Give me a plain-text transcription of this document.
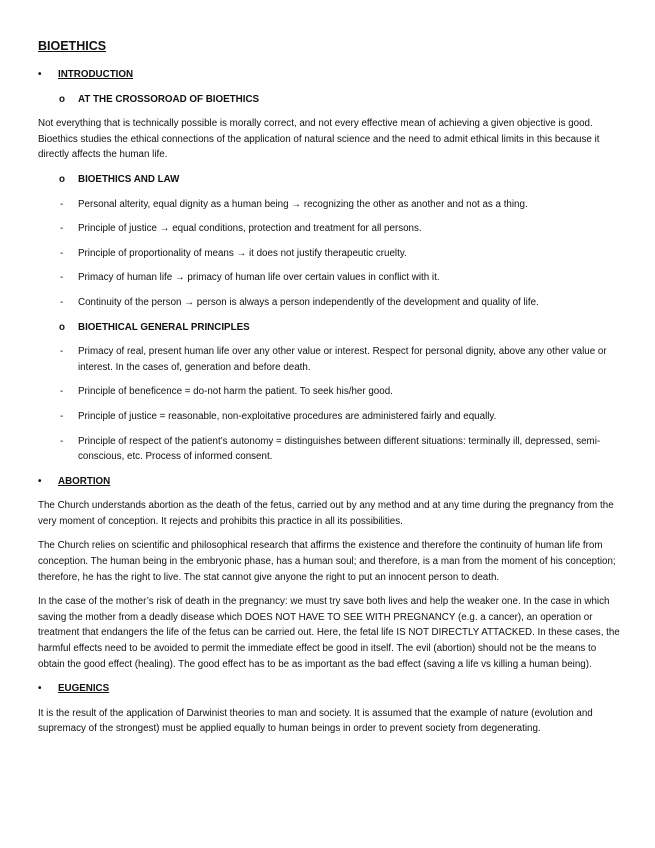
BIOETHICS
• INTRODUCTION
o AT THE CROSSOROAD OF BIOETHICS
Not everything that is technically possible is morally correct, and not every effective mean of achieving a given objective is good. Bioethics studies the ethical connections of the application of natural science and the need to admit ethical limits in this because it directly affects the human life.
o BIOETHICS AND LAW
- Personal alterity, equal dignity as a human being → recognizing the other as another and not as a thing.
- Principle of justice → equal conditions, protection and treatment for all persons.
- Principle of proportionality of means → it does not justify therapeutic cruelty.
- Primacy of human life → primacy of human life over certain values in conflict with it.
- Continuity of the person → person is always a person independently of the development and quality of life.
o BIOETHICAL GENERAL PRINCIPLES
- Primacy of real, present human life over any other value or interest. Respect for personal dignity, above any other value or interest. In the cases of, generation and before death.
- Principle of beneficence = do-not harm the patient. To seek his/her good.
- Principle of justice = reasonable, non-exploitative procedures are administered fairly and equally.
- Principle of respect of the patient’s autonomy = distinguishes between different situations: terminally ill, depressed, semi-conscious, etc. Process of informed consent.
• ABORTION
The Church understands abortion as the death of the fetus, carried out by any method and at any time during the pregnancy from the very moment of conception. It rejects and prohibits this practice in all its possibilities.
The Church relies on scientific and philosophical research that affirms the existence and therefore the continuity of human life from conception. The human being in the embryonic phase, has a human soul; and therefore, is a man from the moment of his conception; therefore, he has the right to live. The stat cannot give anyone the right to put an innocent person to death.
In the case of the mother’s risk of death in the pregnancy: we must try save both lives and help the weaker one. In the case in which saving the mother from a deadly disease which DOES NOT HAVE TO SEE WITH PREGNANCY (e.g. a cancer), an operation or treatment that endangers the life of the fetus can be carried out. Here, the fetal life IS NOT DIRECTLY ATTACKED. In these cases, the harmful effects need to be avoided to permit the immediate effect be good in itself. The evil (abortion) should not be the means to obtain the good effect (healing). The good effect has to be as important as the bad effect (saving a life vs killing a human being).
• EUGENICS
It is the result of the application of Darwinist theories to man and society. It is assumed that the example of nature (evolution and supremacy of the strongest) must be applied equally to human beings in order to prevent society from degenerating.
